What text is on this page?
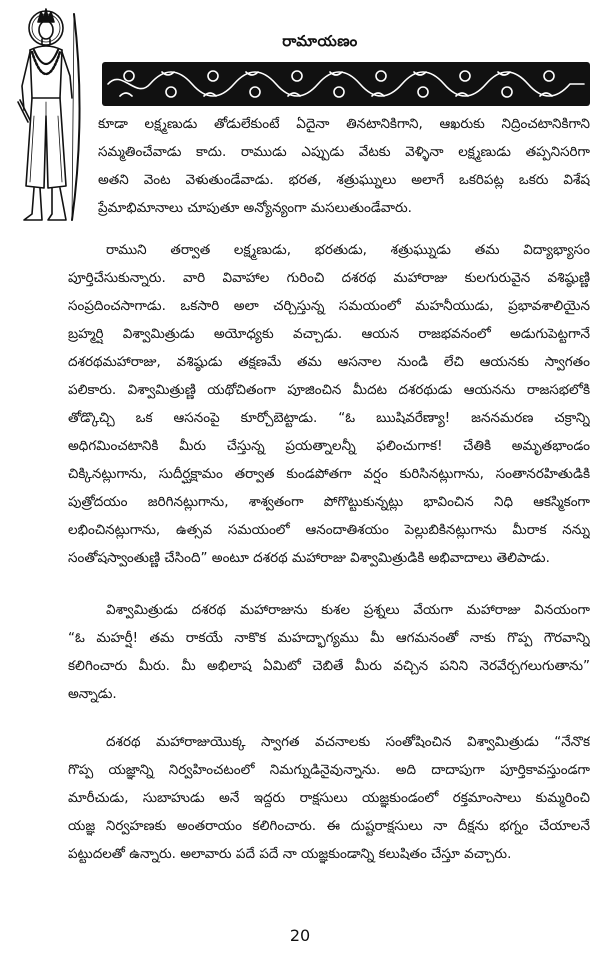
రామాయణం
కూడా లక్ష్మణుడు తోడులేకుంటే ఏదైనా తినటానికిగాని, ఆఖరుకు నిద్రించటానికిగాని
సమ్మతించేవాడు కాదు. రాముడు ఎప్పుడు వేటకు వెళ్ళినా లక్ష్మణుడు తప్పనిసరిగా
అతని వెంట వెళుతుండేవాడు. భరత, శత్రుఘ్నులు అలాగే ఒకరిపట్ల ఒకరు విశేష
ప్రేమాభిమానాలు చూపుతూ అన్యోన్యంగా మసలుతుండేవారు.
రాముని తర్వాత లక్ష్మణుడు, భరతుడు, శత్రుఘ్నుడు తమ విద్యాభ్యాసం
పూర్తిచేసుకున్నారు. వారి వివాహాల గురించి దశరథ మహారాజు కులగురువైన వశిష్ఠుణ్ణి
సంప్రదించసాగాడు. ఒకసారి అలా చర్చిస్తున్న సమయంలో మహనీయుడు, ప్రభావశాలియైన
బ్రహ్మర్షి విశ్వామిత్రుడు అయోధ్యకు వచ్చాడు. ఆయన రాజభవనంలో అడుగుపెట్టగానే
దశరథమహారాజు, వశిష్ఠుడు తక్షణమే తమ ఆసనాల నుండి లేచి ఆయనకు స్వాగతం
పలికారు. విశ్వామిత్రుణ్ణి యథోచితంగా పూజించిన మీదట దశరథుడు ఆయనను రాజసభలోకి
తోడ్కొచ్చి ఒక ఆసనంపై కూర్చోబెట్టాడు. “ఓ ఋషివరేణ్యా! జననమరణ చక్రాన్ని
అధిగమించటానికి మీరు చేస్తున్న ప్రయత్నాలన్నీ ఫలించుగాక! చేతికి అమృతభాండం
చిక్కినట్లుగాను, సుదీర్ఘక్షామం తర్వాత కుండపోతగా వర్షం కురిసినట్లుగాను, సంతానరహితుడికి
పుత్రోదయం జరిగినట్లుగాను, శాశ్వతంగా పోగొట్టుకున్నట్లు భావించిన నిధి ఆకస్మికంగా
లభించినట్లుగాను, ఉత్సవ సమయంలో ఆనందాతిశయం పెల్లుబికినట్లుగాను మీరాక నన్ను
సంతోషస్వాంతుణ్ణి చేసింది” అంటూ దశరథ మహారాజు విశ్వామిత్రుడికి అభివాదాలు తెలిపాడు.
విశ్వామిత్రుడు దశరథ మహారాజును కుశల ప్రశ్నలు వేయగా మహారాజు వినయంగా
“ఓ మహర్షీ! తమ రాకయే నాకొక మహద్భాగ్యము మీ ఆగమనంతో నాకు గొప్ప గౌరవాన్ని
కలిగించారు మీరు. మీ అభిలాష ఏమిటో చెబితే మీరు వచ్చిన పనిని నెరవేర్చగలుగుతాను”
అన్నాడు.
దశరథ మహారాజుయొక్క స్వాగత వచనాలకు సంతోషించిన విశ్వామిత్రుడు “నేనొక
గొప్ప యజ్ఞాన్ని నిర్వహించటంలో నిమగ్నుడినైవున్నాను. అది దాదాపుగా పూర్తికావస్తుండగా
మారీచుడు, సుబాహుడు అనే ఇద్దరు రాక్షసులు యజ్ఞకుండంలో రక్తమాంసాలు కుమ్మరించి
యజ్ఞ నిర్వహణకు అంతరాయం కలిగించారు. ఈ దుష్టరాక్షసులు నా దీక్షను భగ్నం చేయాలనే
పట్టుదలతో ఉన్నారు. అలావారు పదే పదే నా యజ్ఞకుండాన్ని కలుషితం చేస్తూ వచ్చారు.
20
